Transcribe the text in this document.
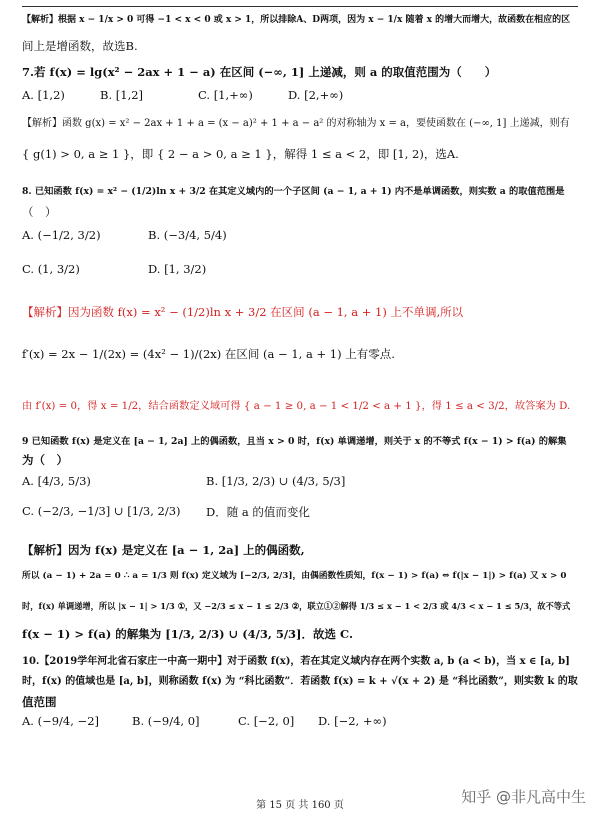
【解析】根据 x − 1/x > 0 可得 −1 < x < 0 或 x > 1，所以排除A、D两项，因为 x − 1/x 随着 x 的增大而增大，故函数在相应的区
间上是增函数，故选B.
7.若 f(x) = lg(x² − 2ax + 1 − a) 在区间 (−∞, 1] 上递减，则 a 的取值范围为（　　）
A. [1,2)	B. [1,2]	C. [1,+∞)	D. [2,+∞)
【解析】函数 g(x) = x² − 2ax + 1 + a = (x − a)² + 1 + a − a² 的对称轴为 x = a，要使函数在 (−∞, 1] 上递减，则有
{ g(1) > 0, a ≥ 1 }，即 { 2 − a > 0, a ≥ 1 }，解得 1 ≤ a < 2，即 [1, 2)，选A.
8. 已知函数 f(x) = x² − (1/2)ln x + 3/2 在其定义域内的一个子区间 (a − 1, a + 1) 内不是单调函数，则实数 a 的取值范围是
（　）
A. (−1/2, 3/2)	B. (−3/4, 5/4)
C. (1, 3/2)	D. [1, 3/2)
【解析】因为函数 f(x) = x² − (1/2)ln x + 3/2 在区间 (a − 1, a + 1) 上不单调,所以
f′(x) = 2x − 1/(2x) = (4x² − 1)/(2x) 在区间 (a − 1, a + 1) 上有零点.
由 f′(x) = 0，得 x = 1/2，结合函数定义域可得 { a − 1 ≥ 0, a − 1 < 1/2 < a + 1 }，得 1 ≤ a < 3/2，故答案为 D.
9 已知函数 f(x) 是定义在 [a − 1, 2a] 上的偶函数，且当 x > 0 时，f(x) 单调递增，则关于 x 的不等式 f(x − 1) > f(a) 的解集
为（　）
A. [4/3, 5/3)	B. [1/3, 2/3) ∪ (4/3, 5/3]
C. (−2/3, −1/3] ∪ [1/3, 2/3) D．随 a 的值而变化
【解析】因为 f(x) 是定义在 [a − 1, 2a] 上的偶函数,
所以 (a − 1) + 2a = 0 ∴ a = 1/3 则 f(x) 定义域为 [−2/3, 2/3]，由偶函数性质知，f(x − 1) > f(a) ⇔ f(|x − 1|) > f(a) 又 x > 0
时，f(x) 单调递增，所以 |x − 1| > 1/3 ①，又 −2/3 ≤ x − 1 ≤ 2/3 ②，联立①②解得 1/3 ≤ x − 1 < 2/3 或 4/3 < x − 1 ≤ 5/3，故不等式
f(x − 1) > f(a) 的解集为 [1/3, 2/3) ∪ (4/3, 5/3]．故选 C.
10.【2019学年河北省石家庄一中高一期中】对于函数 f(x)，若在其定义域内存在两个实数 a, b (a < b)，当 x ∈ [a, b]
时，f(x) 的值域也是 [a, b]，则称函数 f(x) 为 “科比函数”．若函数 f(x) = k + √(x + 2) 是 “科比函数”，则实数 k 的取
值范围
A. (−9/4, −2]	B. (−9/4, 0]	C. [−2, 0] D. [−2, +∞)
第 15 页 共 160 页	知乎 @非凡高中生
